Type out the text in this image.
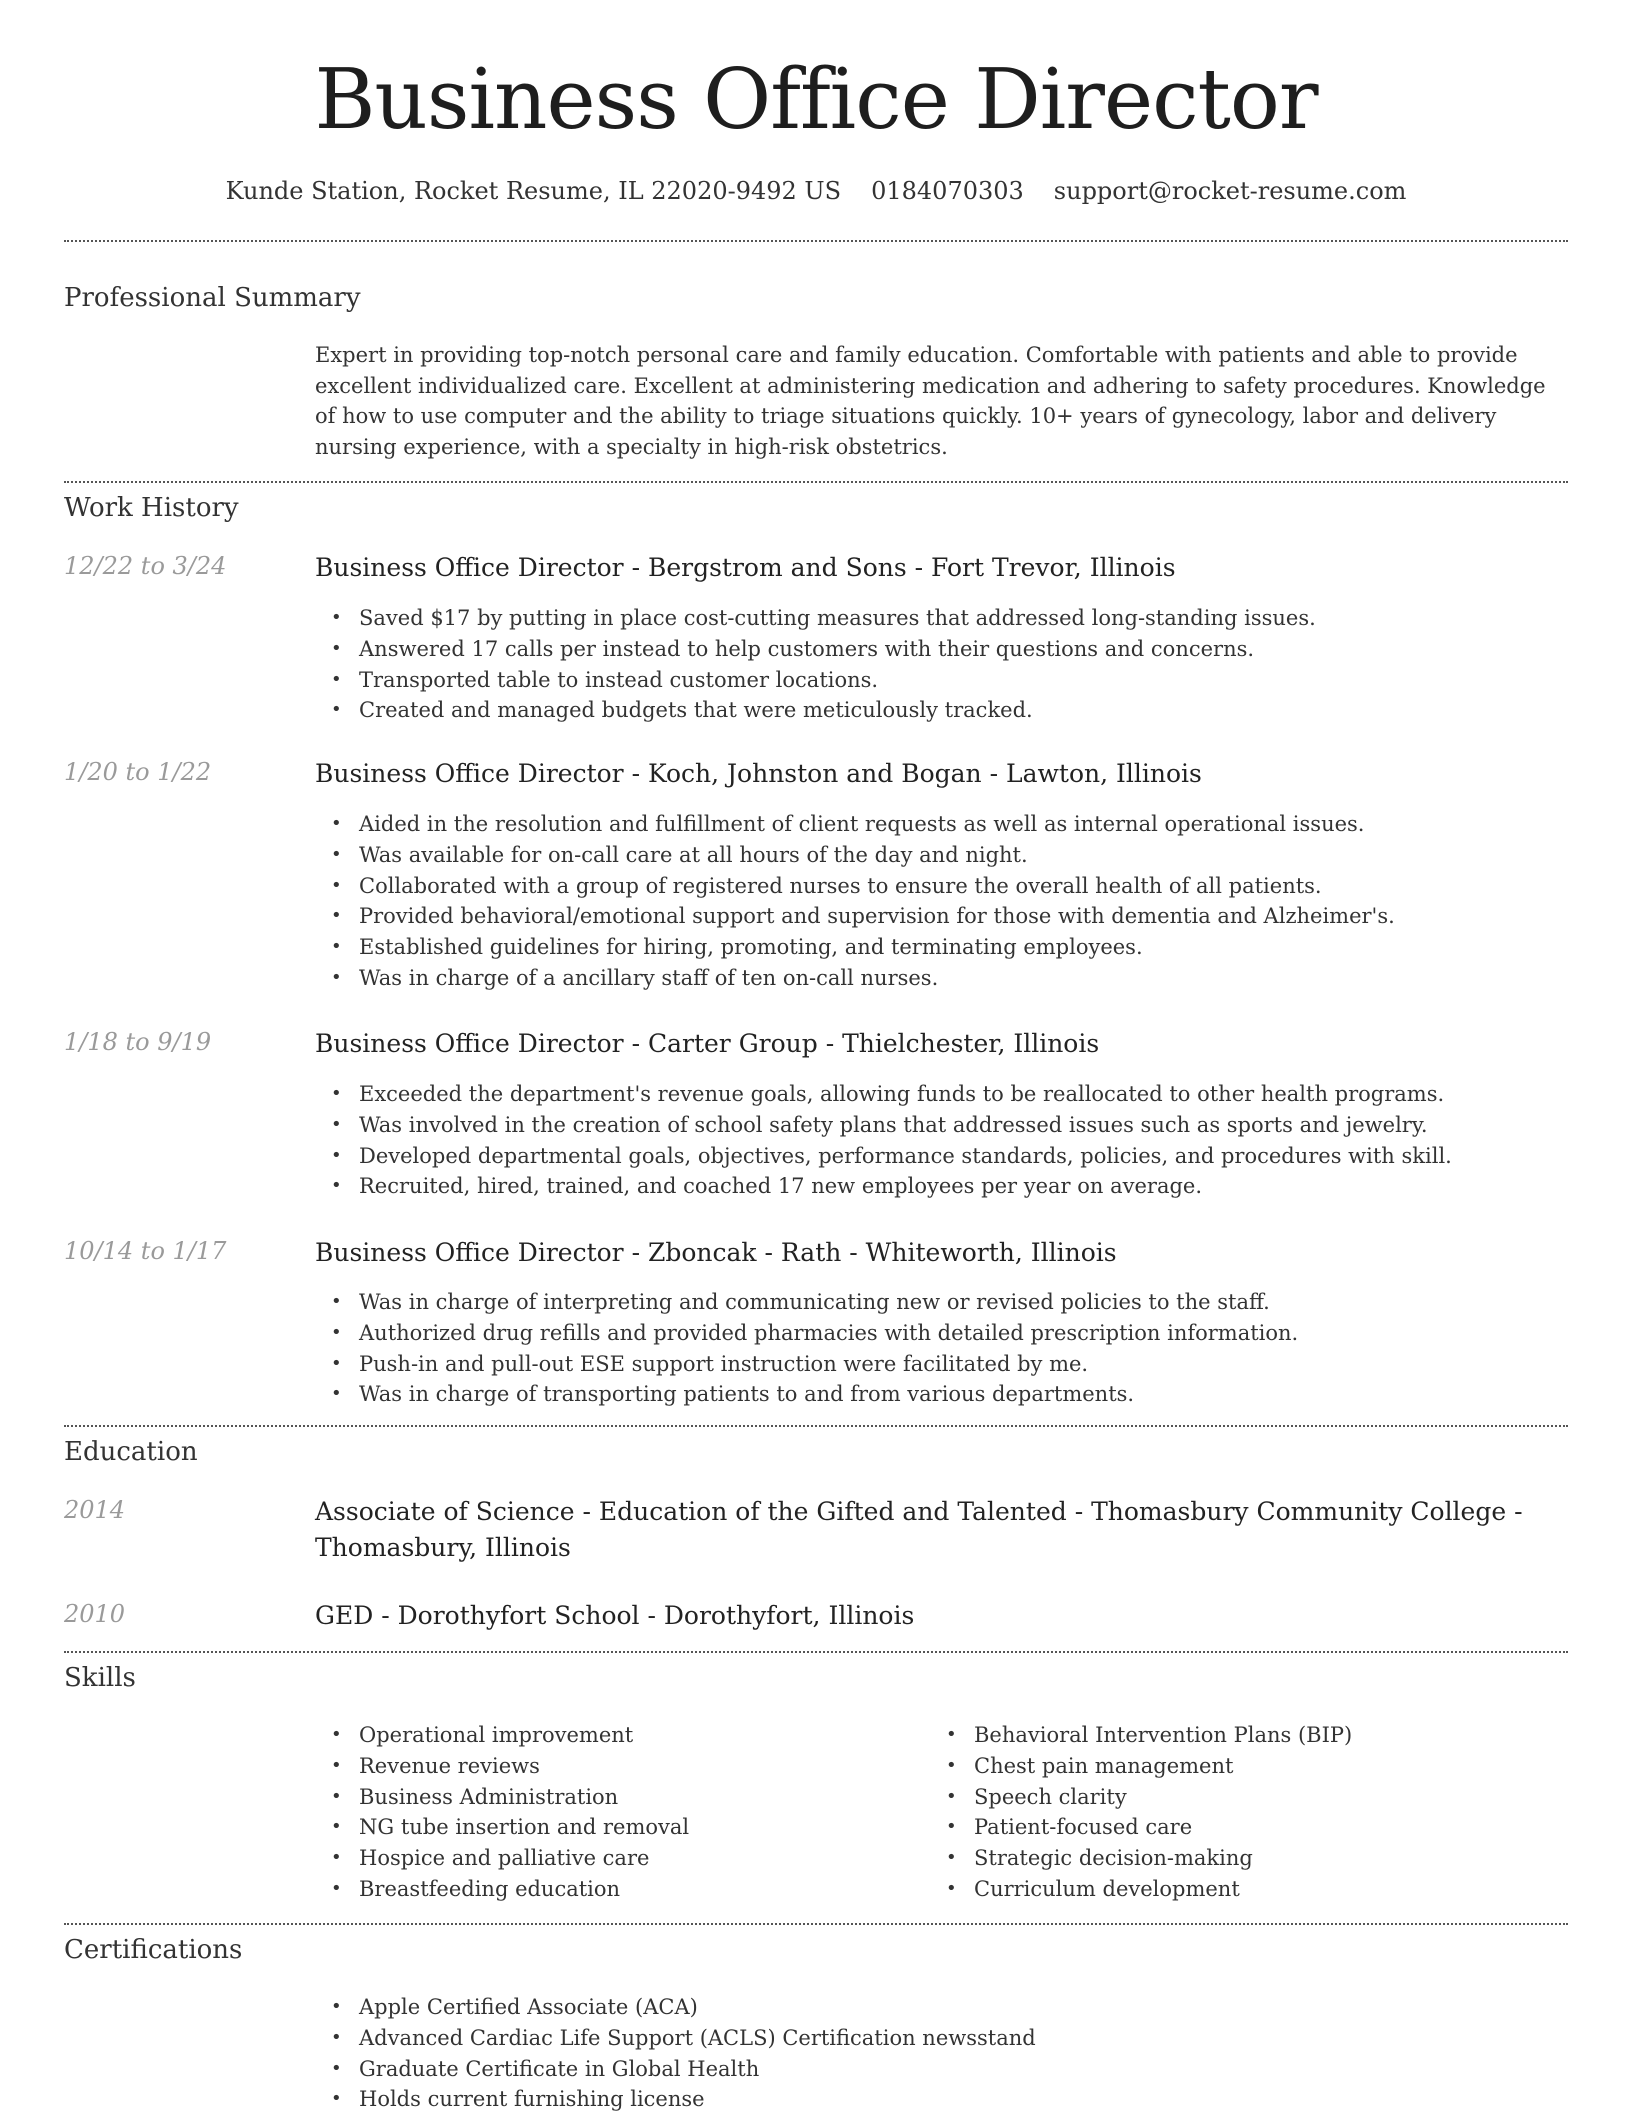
Business Office Director
Kunde Station, Rocket Resume, IL 22020-9492 US 0184070303 support@rocket-resume.com
Professional Summary
Expert in providing top-notch personal care and family education. Comfortable with patients and able to provide excellent individualized care. Excellent at administering medication and adhering to safety procedures. Knowledge of how to use computer and the ability to triage situations quickly. 10+ years of gynecology, labor and delivery nursing experience, with a specialty in high-risk obstetrics.
Work History
12/22 to 3/24	Business Office Director - Bergstrom and Sons - Fort Trevor, Illinois
• Saved $17 by putting in place cost-cutting measures that addressed long-standing issues.
• Answered 17 calls per instead to help customers with their questions and concerns.
• Transported table to instead customer locations.
• Created and managed budgets that were meticulously tracked.
1/20 to 1/22	Business Office Director - Koch, Johnston and Bogan - Lawton, Illinois
• Aided in the resolution and fulfillment of client requests as well as internal operational issues.
• Was available for on-call care at all hours of the day and night.
• Collaborated with a group of registered nurses to ensure the overall health of all patients.
• Provided behavioral/emotional support and supervision for those with dementia and Alzheimer's.
• Established guidelines for hiring, promoting, and terminating employees.
• Was in charge of a ancillary staff of ten on-call nurses.
1/18 to 9/19	Business Office Director - Carter Group - Thielchester, Illinois
• Exceeded the department's revenue goals, allowing funds to be reallocated to other health programs.
• Was involved in the creation of school safety plans that addressed issues such as sports and jewelry.
• Developed departmental goals, objectives, performance standards, policies, and procedures with skill.
• Recruited, hired, trained, and coached 17 new employees per year on average.
10/14 to 1/17	Business Office Director - Zboncak - Rath - Whiteworth, Illinois
• Was in charge of interpreting and communicating new or revised policies to the staff.
• Authorized drug refills and provided pharmacies with detailed prescription information.
• Push-in and pull-out ESE support instruction were facilitated by me.
• Was in charge of transporting patients to and from various departments.
Education
2014	Associate of Science - Education of the Gifted and Talented - Thomasbury Community College -
Thomasbury, Illinois
2010	GED - Dorothyfort School - Dorothyfort, Illinois
Skills
• Operational improvement
• Revenue reviews
• Business Administration
• NG tube insertion and removal
• Hospice and palliative care
• Breastfeeding education
• Behavioral Intervention Plans (BIP)
• Chest pain management
• Speech clarity
• Patient-focused care
• Strategic decision-making
• Curriculum development
Certifications
• Apple Certified Associate (ACA)
• Advanced Cardiac Life Support (ACLS) Certification newsstand
• Graduate Certificate in Global Health
• Holds current furnishing license
